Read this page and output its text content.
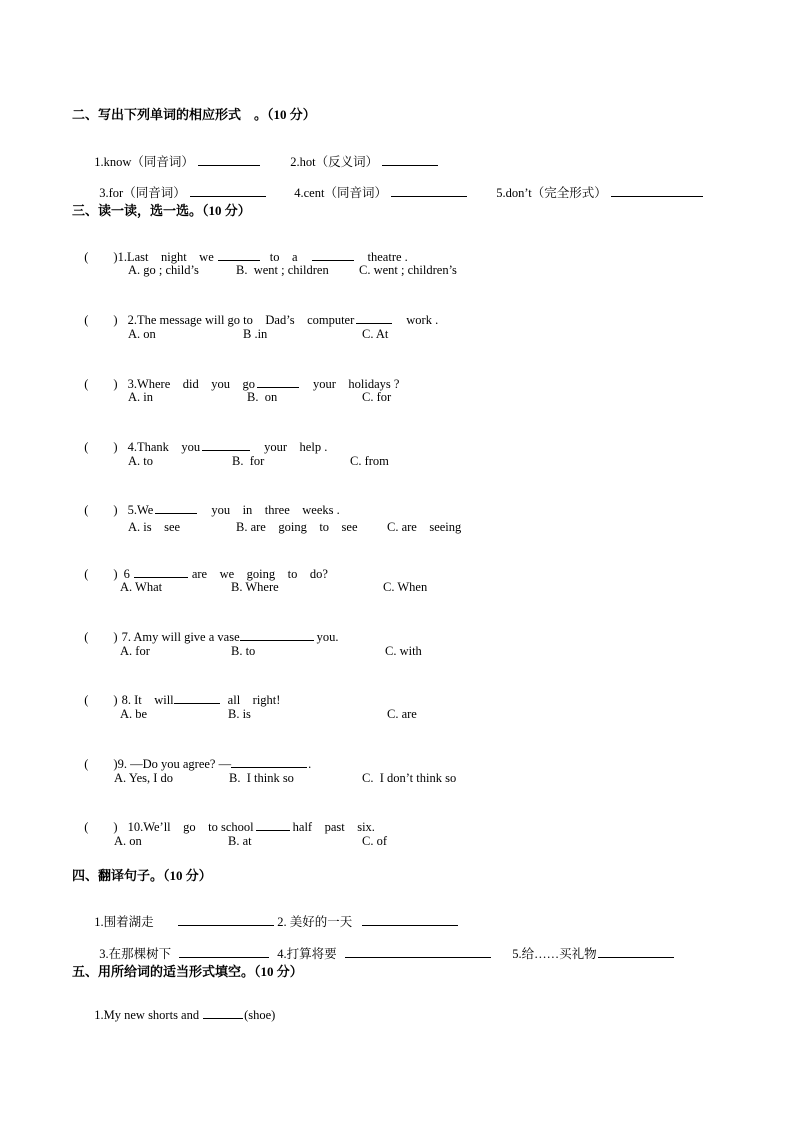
二、写出下列单词的相应形式　。（10 分）

1.know（同音词）	2.hot（反义词）

3.for（同音词）	4.cent（同音词）	5.don’t（完全形式）

三、读一读，选一选。（10 分）

(　　)1.Last　night　we	to　a	theatre .

A. go ; child’s	B.  went ; children C. went ; children’s

(　　) 2.The message will go to　Dad’s　computer	work .

A. on	B .in	C. At

(　　) 3.Where　did　you　go	your　holidays ?

A. in	B.  on	C. for

(　　) 4.Thank　you	your　help .

A. to	B.  for	C. from

(　　) 5.We	you　in　three　weeks .

A. is　see	B. are　going　to　see C. are　seeing

(　　) 6	are　we　going　to　do?

A. What	B. Where	C. When

(　　) 7. Amy will give a vase	you.

A. for	B. to	C. with

(　　) 8. It　will	all　right!

A. be	B. is	C. are

(　　)9. —Do you agree? —	.

A. Yes, I do	B.  I think so	C.  I don’t think so

(　　) 10.We’ll　go　to school	half　past　six.

A. on	B. at	C. of
四、翻译句子。（10 分）

1.围着湖走	2. 美好的一天

3.在那棵树下	4.打算将要	5.给……买礼物

五、用所给词的适当形式填空。（10 分）

1.My new shorts and	(shoe)
